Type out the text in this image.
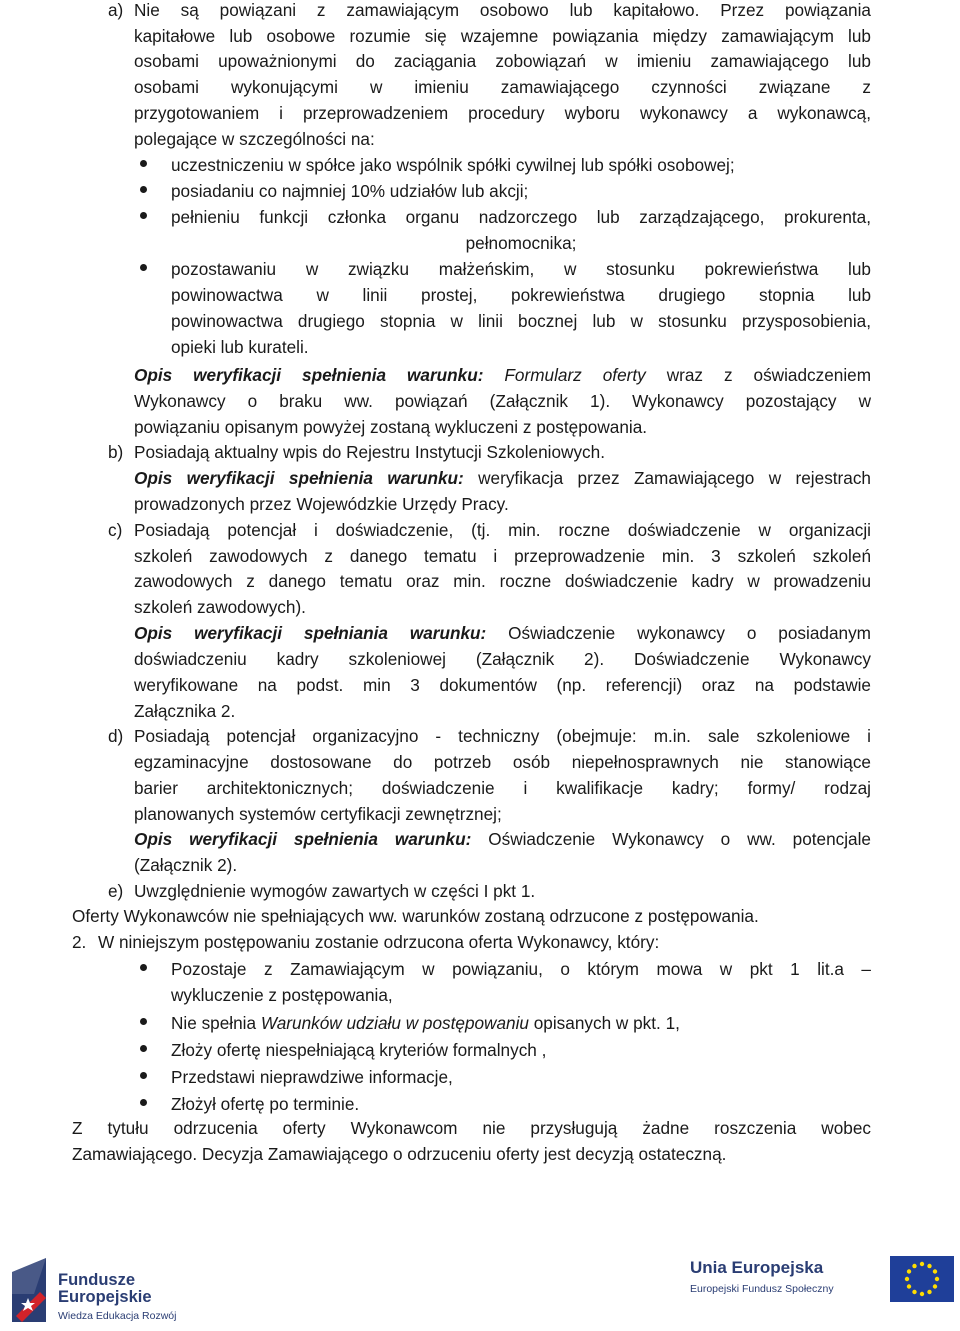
a) Nie są powiązani z zamawiającym osobowo lub kapitałowo. Przez powiązania
kapitałowe lub osobowe rozumie się wzajemne powiązania między zamawiającym lub
osobami upoważnionymi do zaciągania zobowiązań w imieniu zamawiającego lub
osobami wykonującymi w imieniu zamawiającego czynności związane z
przygotowaniem i przeprowadzeniem procedury wyboru wykonawcy a wykonawcą,
polegające w szczególności na:
uczestniczeniu w spółce jako wspólnik spółki cywilnej lub spółki osobowej;
posiadaniu co najmniej 10% udziałów lub akcji;
pełnieniu funkcji członka organu nadzorczego lub zarządzającego, prokurenta,
pełnomocnika;
pozostawaniu w związku małżeńskim, w stosunku pokrewieństwa lub
powinowactwa w linii prostej, pokrewieństwa drugiego stopnia lub
powinowactwa drugiego stopnia w linii bocznej lub w stosunku przysposobienia,
opieki lub kurateli.
Opis weryfikacji spełnienia warunku: Formularz oferty wraz z oświadczeniem
Wykonawcy o braku ww. powiązań (Załącznik 1). Wykonawcy pozostający w
powiązaniu opisanym powyżej zostaną wykluczeni z postępowania.
b) Posiadają aktualny wpis do Rejestru Instytucji Szkoleniowych.
Opis weryfikacji spełnienia warunku: weryfikacja przez Zamawiającego w rejestrach
prowadzonych przez Wojewódzkie Urzędy Pracy.
c) Posiadają potencjał i doświadczenie, (tj. min. roczne doświadczenie w organizacji
szkoleń zawodowych z danego tematu i przeprowadzenie min. 3 szkoleń szkoleń
zawodowych z danego tematu oraz min. roczne doświadczenie kadry w prowadzeniu
szkoleń zawodowych).
Opis weryfikacji spełniania warunku: Oświadczenie wykonawcy o posiadanym
doświadczeniu kadry szkoleniowej (Załącznik 2). Doświadczenie Wykonawcy
weryfikowane na podst. min 3 dokumentów (np. referencji) oraz na podstawie
Załącznika 2.
d) Posiadają potencjał organizacyjno - techniczny (obejmuje: m.in. sale szkoleniowe i
egzaminacyjne dostosowane do potrzeb osób niepełnosprawnych nie stanowiące
barier architektonicznych; doświadczenie i kwalifikacje kadry; formy/ rodzaj
planowanych systemów certyfikacji zewnętrznej;
Opis weryfikacji spełnienia warunku: Oświadczenie Wykonawcy o ww. potencjale
(Załącznik 2).
e) Uwzględnienie wymogów zawartych w części I pkt 1.
Oferty Wykonawców nie spełniających ww. warunków zostaną odrzucone z postępowania.
2. W niniejszym postępowaniu zostanie odrzucona oferta Wykonawcy, który:
Pozostaje z Zamawiającym w powiązaniu, o którym mowa w pkt 1 lit.a –
wykluczenie z postępowania,
Nie spełnia Warunków udziału w postępowaniu opisanych w pkt. 1,
Złoży ofertę niespełniającą kryteriów formalnych ,
Przedstawi nieprawdziwe informacje,
Złożył ofertę po terminie.
Z tytułu odrzucenia oferty Wykonawcom nie przysługują żadne roszczenia wobec
Zamawiającego. Decyzja Zamawiającego o odrzuceniu oferty jest decyzją ostateczną.
Fundusze
Europejskie
Wiedza Edukacja Rozwój
Unia Europejska
Europejski Fundusz Społeczny
